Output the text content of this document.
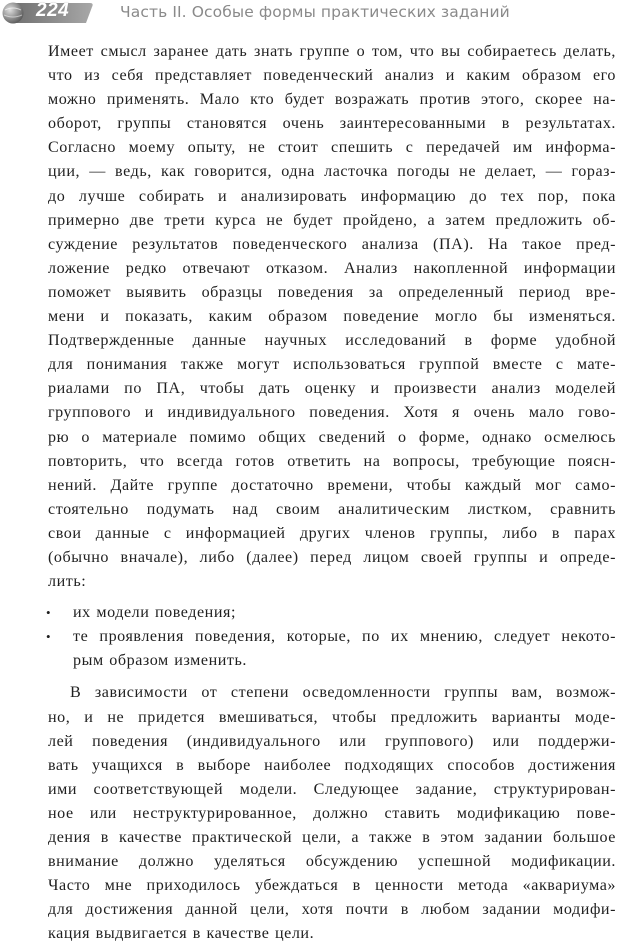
224	Часть II. Особые формы практических заданий
Имеет смысл заранее дать знать группе о том, что вы собираетесь делать,
что из себя представляет поведенческий анализ и каким образом его
можно применять. Мало кто будет возражать против этого, скорее на-
оборот, группы становятся очень заинтересованными в результатах.
Согласно моему опыту, не стоит спешить с передачей им информа-
ции, — ведь, как говорится, одна ласточка погоды не делает, — гораз-
до лучше собирать и анализировать информацию до тех пор, пока
примерно две трети курса не будет пройдено, а затем предложить об-
суждение результатов поведенческого анализа (ПА). На такое пред-
ложение редко отвечают отказом. Анализ накопленной информации
поможет выявить образцы поведения за определенный период вре-
мени и показать, каким образом поведение могло бы изменяться.
Подтвержденные данные научных исследований в форме удобной
для понимания также могут использоваться группой вместе с мате-
риалами по ПА, чтобы дать оценку и произвести анализ моделей
группового и индивидуального поведения. Хотя я очень мало гово-
рю о материале помимо общих сведений о форме, однако осмелюсь
повторить, что всегда готов ответить на вопросы, требующие поясн-
нений. Дайте группе достаточно времени, чтобы каждый мог само-
стоятельно подумать над своим аналитическим листком, сравнить
свои данные с информацией других членов группы, либо в парах
(обычно вначале), либо (далее) перед лицом своей группы и опреде-
лить:
•	их модели поведения;
•	те проявления поведения, которые, по их мнению, следует некото-
рым образом изменить.
В зависимости от степени осведомленности группы вам, возмож-
но, и не придется вмешиваться, чтобы предложить варианты моде-
лей поведения (индивидуального или группового) или поддержи-
вать учащихся в выборе наиболее подходящих способов достижения
ими соответствующей модели. Следующее задание, структурирован-
ное или неструктурированное, должно ставить модификацию пове-
дения в качестве практической цели, а также в этом задании большое
внимание должно уделяться обсуждению успешной модификации.
Часто мне приходилось убеждаться в ценности метода «аквариума»
для достижения данной цели, хотя почти в любом задании модифи-
кация выдвигается в качестве цели.
